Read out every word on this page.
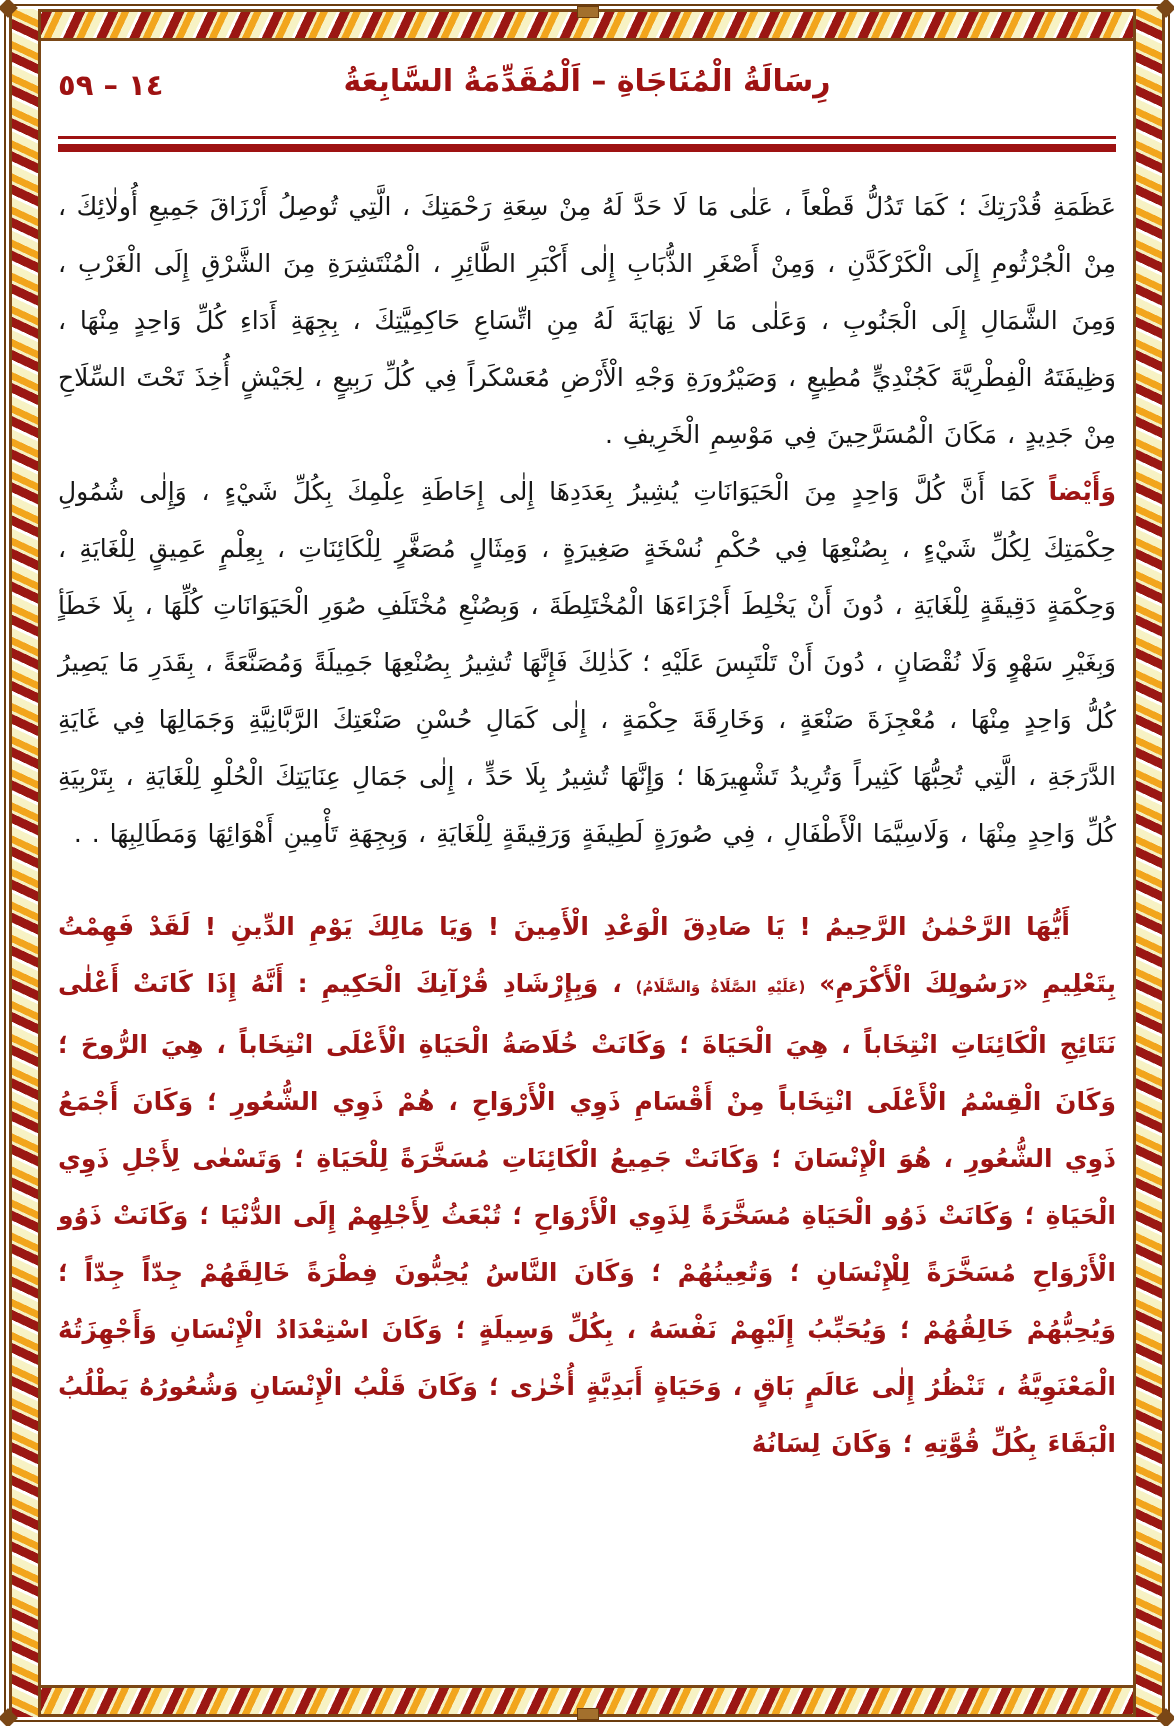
١٤ – ٥٩	رِسَالَةُ الْمُنَاجَاةِ – اَلْمُقَدِّمَةُ السَّابِعَةُ

عَظَمَةِ قُدْرَتِكَ ؛ كَمَا تَدُلُّ قَطْعاً ، عَلٰى مَا لَا حَدَّ لَهُ مِنْ سِعَةِ رَحْمَتِكَ ، الَّتِي تُوصِلُ أَرْزَاقَ جَمِيعِ أُولٰائِكَ ، مِنْ الْجُرْثُومِ إِلَى الْكَرْكَدَّنِ ، وَمِنْ أَصْغَرِ الذُّبَابِ إِلٰى أَكْبَرِ الطَّائِرِ ، الْمُنْتَشِرَةِ مِنَ الشَّرْقِ إِلَى الْغَرْبِ ، وَمِنَ الشَّمَالِ إِلَى الْجَنُوبِ ، وَعَلٰى مَا لَا نِهَايَةَ لَهُ مِنِ اتِّسَاعِ حَاكِمِيَّتِكَ ، بِجِهَةِ أَدَاءِ كُلِّ وَاحِدٍ مِنْهَا ، وَظِيفَتَهُ الْفِطْرِيَّةَ كَجُنْدِيٍّ مُطِيعٍ ، وَصَيْرُورَةِ وَجْهِ الْأَرْضِ مُعَسْكَراً فِي كُلِّ رَبِيعٍ ، لِجَيْشٍ أُخِذَ تَحْتَ السِّلَاحِ مِنْ جَدِيدٍ ، مَكَانَ الْمُسَرَّحِينَ فِي مَوْسِمِ الْخَرِيفِ .

وَأَيْضاً كَمَا أَنَّ كُلَّ وَاحِدٍ مِنَ الْحَيَوَانَاتِ يُشِيرُ بِعَدَدِهَا إِلٰى إِحَاطَةِ عِلْمِكَ بِكُلِّ شَيْءٍ ، وَإِلٰى شُمُولِ حِكْمَتِكَ لِكُلِّ شَيْءٍ ، بِصُنْعِهَا فِي حُكْمِ نُسْخَةٍ صَغِيرَةٍ ، وَمِثَالٍ مُصَغَّرٍ لِلْكَائِنَاتِ ، بِعِلْمٍ عَمِيقٍ لِلْغَايَةِ ، وَحِكْمَةٍ دَقِيقَةٍ لِلْغَايَةِ ، دُونَ أَنْ يَخْلِطَ أَجْزَاءَهَا الْمُخْتَلِطَةَ ، وَبِصُنْعِ مُخْتَلَفِ صُوَرِ الْحَيَوَانَاتِ كُلِّهَا ، بِلَا خَطَأٍ وَبِغَيْرِ سَهْوٍ وَلَا نُقْصَانٍ ، دُونَ أَنْ تَلْتَبِسَ عَلَيْهِ ؛ كَذٰلِكَ فَإِنَّهَا تُشِيرُ بِصُنْعِهَا جَمِيلَةً وَمُصَنَّعَةً ، بِقَدَرِ مَا يَصِيرُ كُلُّ وَاحِدٍ مِنْهَا ، مُعْجِزَةَ صَنْعَةٍ ، وَخَارِقَةَ حِكْمَةٍ ، إِلٰى كَمَالِ حُسْنِ صَنْعَتِكَ الرَّبَّانِيَّةِ وَجَمَالِهَا فِي غَايَةِ الدَّرَجَةِ ، الَّتِي تُحِبُّهَا كَثِيراً وَتُرِيدُ تَشْهِيرَهَا ؛ وَإِنَّهَا تُشِيرُ بِلَا حَدٍّ ، إِلٰى جَمَالِ عِنَايَتِكَ الْحُلْوِ لِلْغَايَةِ ، بِتَرْبِيَةِ كُلِّ وَاحِدٍ مِنْهَا ، وَلَاسِيَّمَا الْأَطْفَالِ ، فِي صُورَةٍ لَطِيفَةٍ وَرَقِيقَةٍ لِلْغَايَةِ ، وَبِجِهَةِ تَأْمِينِ أَهْوَائِهَا وَمَطَالِبِهَا . .

أَيُّهَا الرَّحْمٰنُ الرَّحِيمُ ! يَا صَادِقَ الْوَعْدِ الْأَمِينَ ! وَيَا مَالِكَ يَوْمِ الدِّينِ ! لَقَدْ فَهِمْتُ بِتَعْلِيمِ «رَسُولِكَ الْأَكْرَمِ» (عَلَيْهِ الصَّلَاةُ وَالسَّلَامُ) ، وَبِإِرْشَادِ قُرْآنِكَ الْحَكِيمِ : أَنَّهُ إِذَا كَانَتْ أَعْلٰى نَتَائِجِ الْكَائِنَاتِ انْتِخَاباً ، هِيَ الْحَيَاةَ ؛ وَكَانَتْ خُلَاصَةُ الْحَيَاةِ الْأَعْلَى انْتِخَاباً ، هِيَ الرُّوحَ ؛ وَكَانَ الْقِسْمُ الْأَعْلَى انْتِخَاباً مِنْ أَقْسَامِ ذَوِي الْأَرْوَاحِ ، هُمْ ذَوِي الشُّعُورِ ؛ وَكَانَ أَجْمَعُ ذَوِي الشُّعُورِ ، هُوَ الْإِنْسَانَ ؛ وَكَانَتْ جَمِيعُ الْكَائِنَاتِ مُسَخَّرَةً لِلْحَيَاةِ ؛ وَتَسْعٰى لِأَجْلِ ذَوِي الْحَيَاةِ ؛ وَكَانَتْ ذَوُو الْحَيَاةِ مُسَخَّرَةً لِذَوِي الْأَرْوَاحِ ؛ تُبْعَثُ لِأَجْلِهِمْ إِلَى الدُّنْيَا ؛ وَكَانَتْ ذَوُو الْأَرْوَاحِ مُسَخَّرَةً لِلْإِنْسَانِ ؛ وَتُعِينُهُمْ ؛ وَكَانَ النَّاسُ يُحِبُّونَ فِطْرَةً خَالِقَهُمْ جِدّاً جِدّاً ؛ وَيُحِبُّهُمْ خَالِقُهُمْ ؛ وَيُحَبِّبُ إِلَيْهِمْ نَفْسَهُ ، بِكُلِّ وَسِيلَةٍ ؛ وَكَانَ اسْتِعْدَادُ الْإِنْسَانِ وَأَجْهِزَتُهُ الْمَعْنَوِيَّةُ ، تَنْظُرُ إِلٰى عَالَمٍ بَاقٍ ، وَحَيَاةٍ أَبَدِيَّةٍ أُخْرٰى ؛ وَكَانَ قَلْبُ الْإِنْسَانِ وَشُعُورُهُ يَطْلُبُ الْبَقَاءَ بِكُلِّ قُوَّتِهِ ؛ وَكَانَ لِسَانُهُ
